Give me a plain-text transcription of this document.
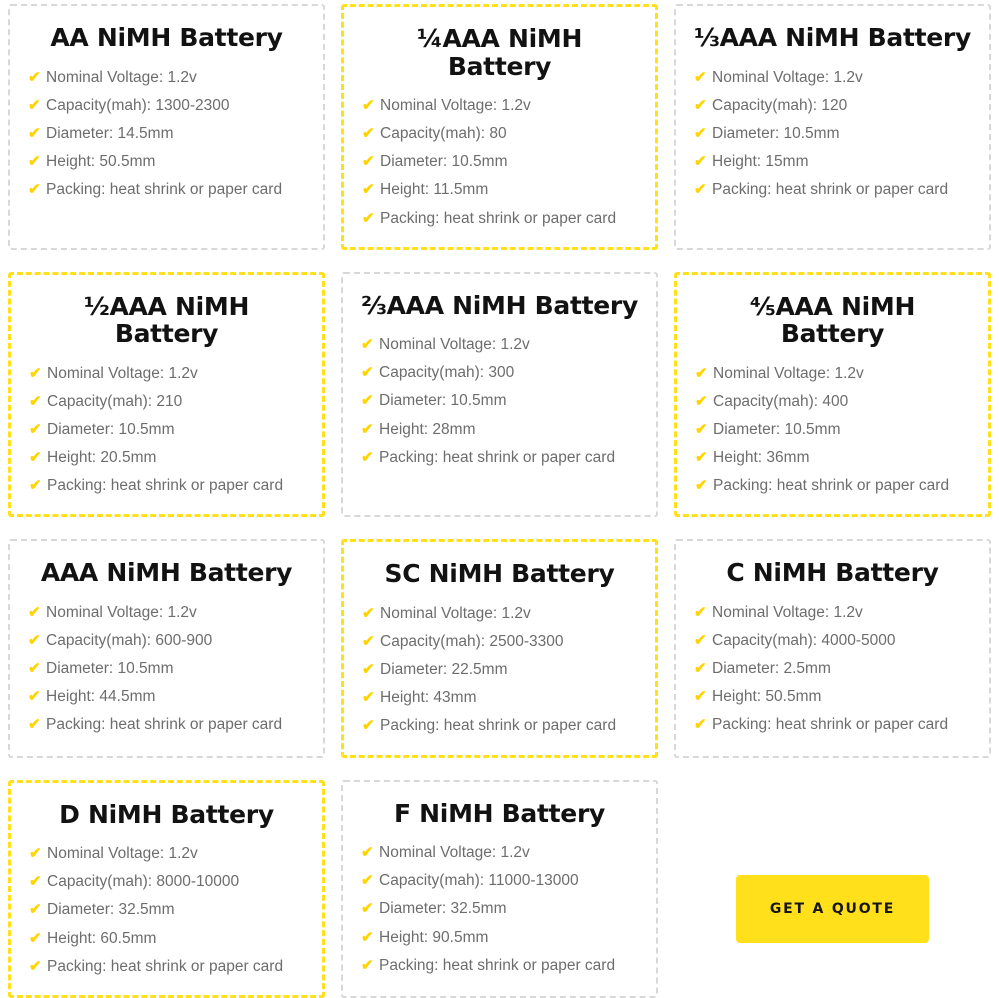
AA NiMH Battery
✔ Nominal Voltage: 1.2v
✔ Capacity(mah): 1300-2300
✔ Diameter: 14.5mm
✔ Height: 50.5mm
✔ Packing: heat shrink or paper card
¼AAA NiMH Battery
✔ Nominal Voltage: 1.2v
✔ Capacity(mah): 80
✔ Diameter: 10.5mm
✔ Height: 11.5mm
✔ Packing: heat shrink or paper card
⅓AAA NiMH Battery
✔ Nominal Voltage: 1.2v
✔ Capacity(mah): 120
✔ Diameter: 10.5mm
✔ Height: 15mm
✔ Packing: heat shrink or paper card
½AAA NiMH Battery
✔ Nominal Voltage: 1.2v
✔ Capacity(mah): 210
✔ Diameter: 10.5mm
✔ Height: 20.5mm
✔ Packing: heat shrink or paper card
⅔AAA NiMH Battery
✔ Nominal Voltage: 1.2v
✔ Capacity(mah): 300
✔ Diameter: 10.5mm
✔ Height: 28mm
✔ Packing: heat shrink or paper card
⅘AAA NiMH Battery
✔ Nominal Voltage: 1.2v
✔ Capacity(mah): 400
✔ Diameter: 10.5mm
✔ Height: 36mm
✔ Packing: heat shrink or paper card
AAA NiMH Battery
✔ Nominal Voltage: 1.2v
✔ Capacity(mah): 600-900
✔ Diameter: 10.5mm
✔ Height: 44.5mm
✔ Packing: heat shrink or paper card
SC NiMH Battery
✔ Nominal Voltage: 1.2v
✔ Capacity(mah): 2500-3300
✔ Diameter: 22.5mm
✔ Height: 43mm
✔ Packing: heat shrink or paper card
C NiMH Battery
✔ Nominal Voltage: 1.2v
✔ Capacity(mah): 4000-5000
✔ Diameter: 2.5mm
✔ Height: 50.5mm
✔ Packing: heat shrink or paper card
D NiMH Battery
✔ Nominal Voltage: 1.2v
✔ Capacity(mah): 8000-10000
✔ Diameter: 32.5mm
✔ Height: 60.5mm
✔ Packing: heat shrink or paper card
F NiMH Battery
✔ Nominal Voltage: 1.2v
✔ Capacity(mah): 11000-13000
✔ Diameter: 32.5mm
✔ Height: 90.5mm
✔ Packing: heat shrink or paper card
GET A QUOTE
